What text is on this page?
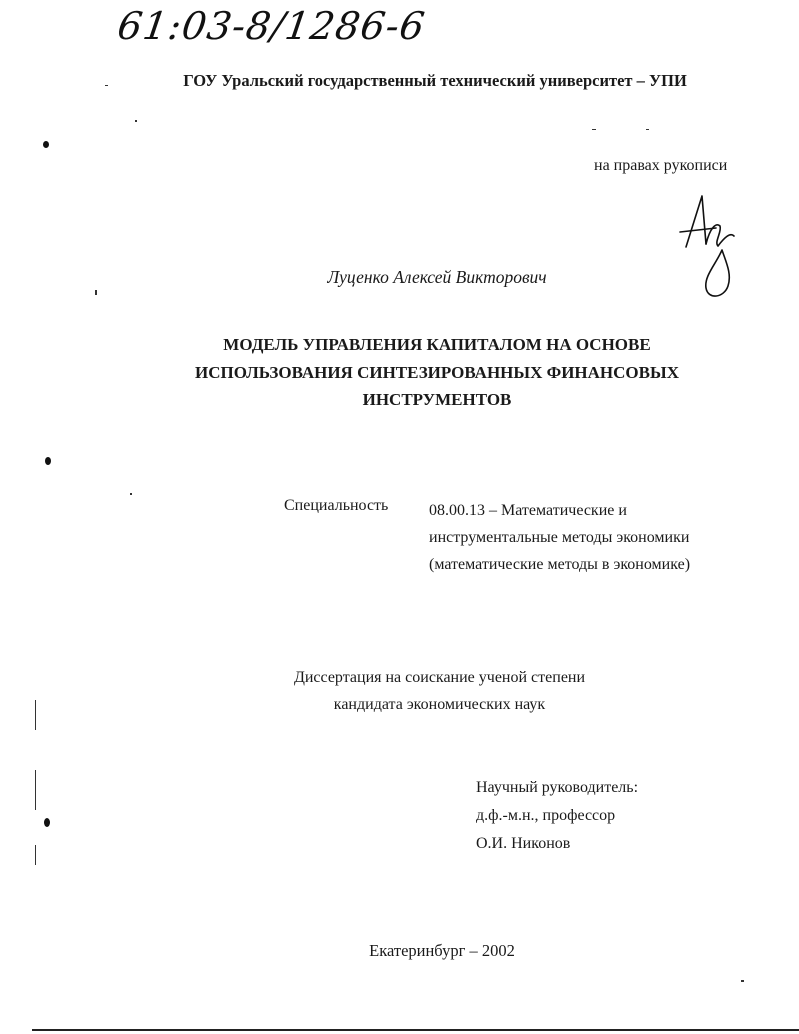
61:03-8/1286-6
ГОУ Уральский государственный технический университет – УПИ
на правах рукописи
Луценко Алексей Викторович
МОДЕЛЬ УПРАВЛЕНИЯ КАПИТАЛОМ НА ОСНОВЕ
ИСПОЛЬЗОВАНИЯ СИНТЕЗИРОВАННЫХ ФИНАНСОВЫХ
ИНСТРУМЕНТОВ
Специальность	08.00.13 – Математические и
инструментальные методы экономики
(математические методы в экономике)
Диссертация на соискание ученой степени
кандидата экономических наук
Научный руководитель:
д.ф.-м.н., профессор
О.И. Никонов
Екатеринбург – 2002
